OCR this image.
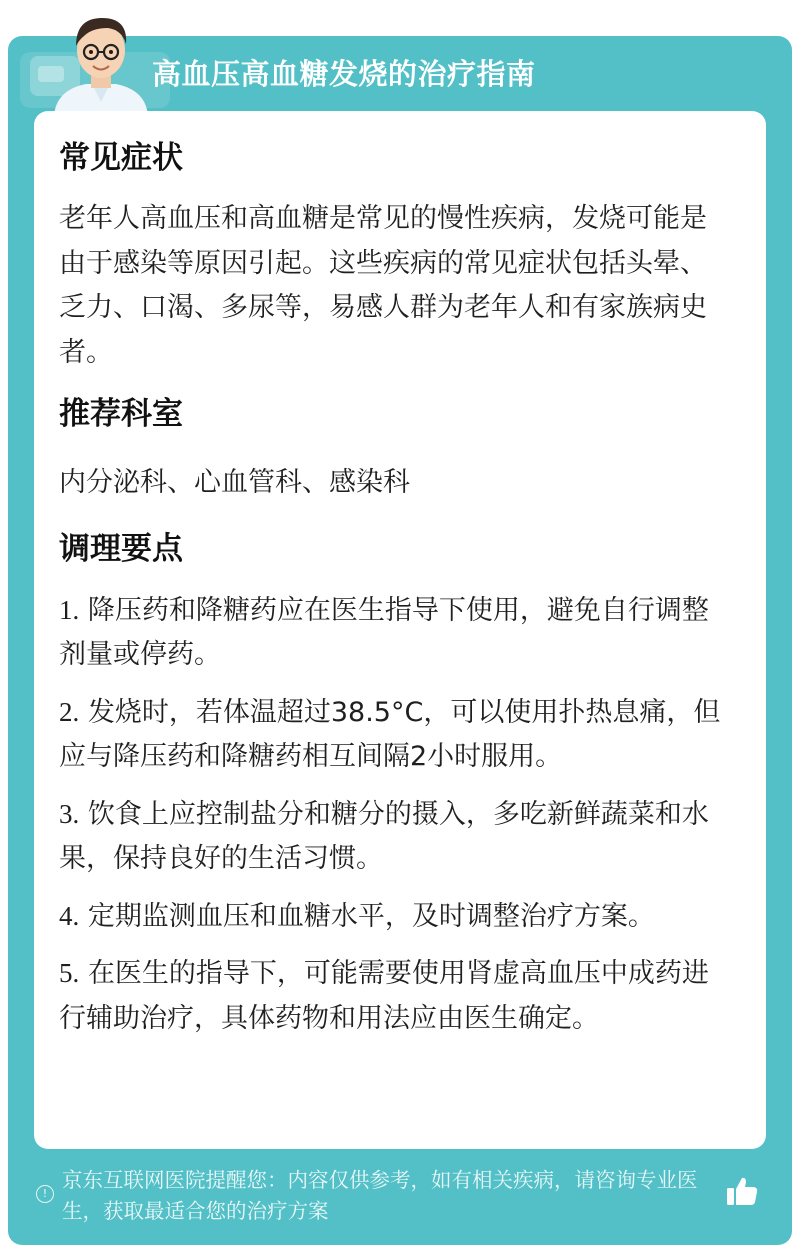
高血压高血糖发烧的治疗指南
常见症状

老年人高血压和高血糖是常见的慢性疾病，发烧可能是由于感染等原因引起。这些疾病的常见症状包括头晕、乏力、口渴、多尿等，易感人群为老年人和有家族病史者。

推荐科室

内分泌科、心血管科、感染科

调理要点

1. 降压药和降糖药应在医生指导下使用，避免自行调整剂量或停药。

2. 发烧时，若体温超过38.5°C，可以使用扑热息痛，但应与降压药和降糖药相互间隔2小时服用。

3. 饮食上应控制盐分和糖分的摄入，多吃新鲜蔬菜和水果，保持良好的生活习惯。

4. 定期监测血压和血糖水平，及时调整治疗方案。

5. 在医生的指导下，可能需要使用肾虚高血压中成药进行辅助治疗，具体药物和用法应由医生确定。

!
京东互联网医院提醒您：内容仅供参考，如有相关疾病，请咨询专业医生，获取最适合您的治疗方案
